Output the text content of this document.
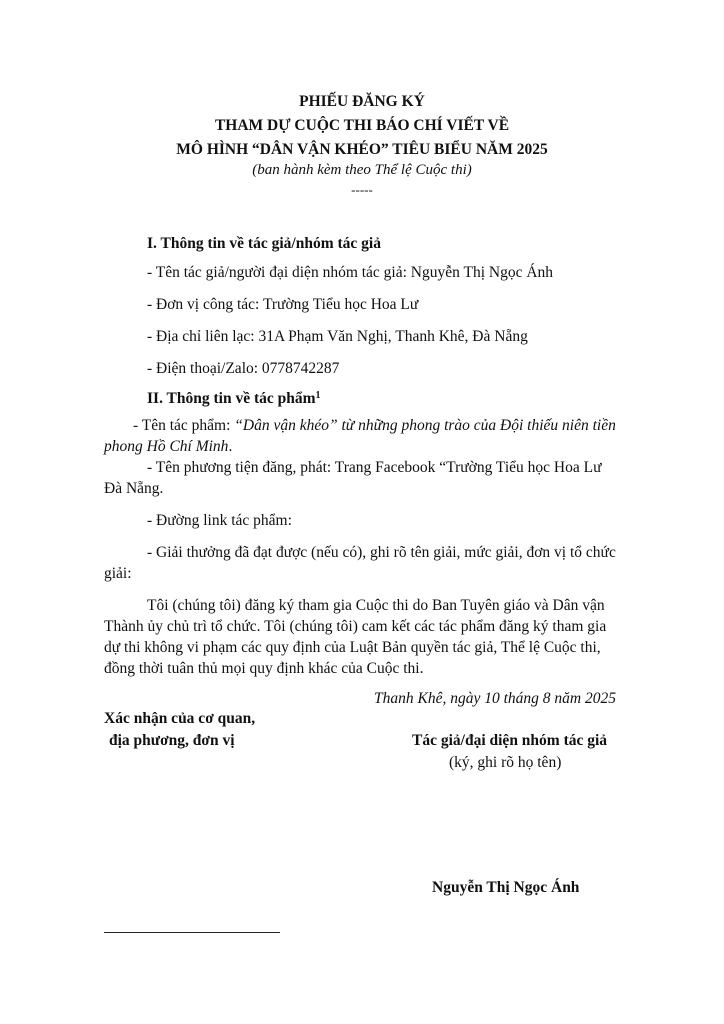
PHIẾU ĐĂNG KÝ
THAM DỰ CUỘC THI BÁO CHÍ VIẾT VỀ
MÔ HÌNH “DÂN VẬN KHÉO” TIÊU BIỂU NĂM 2025
(ban hành kèm theo Thể lệ Cuộc thi)
-----
I. Thông tin về tác giả/nhóm tác giả
- Tên tác giả/người đại diện nhóm tác giả: Nguyễn Thị Ngọc Ánh
- Đơn vị công tác: Trường Tiểu học Hoa Lư
- Địa chỉ liên lạc: 31A Phạm Văn Nghị, Thanh Khê, Đà Nẵng
- Điện thoại/Zalo: 0778742287
II. Thông tin về tác phẩm$^1$
- Tên tác phẩm: “Dân vận khéo” từ những phong trào của Đội thiếu niên tiền
phong Hồ Chí Minh.
- Tên phương tiện đăng, phát: Trang Facebook “Trường Tiểu học Hoa Lư
Đà Nẵng.
- Đường link tác phẩm:
- Giải thưởng đã đạt được (nếu có), ghi rõ tên giải, mức giải, đơn vị tổ chức
giải:
Tôi (chúng tôi) đăng ký tham gia Cuộc thi do Ban Tuyên giáo và Dân vận
Thành ủy chủ trì tổ chức. Tôi (chúng tôi) cam kết các tác phẩm đăng ký tham gia
dự thi không vi phạm các quy định của Luật Bản quyền tác giả, Thể lệ Cuộc thi,
đồng thời tuân thủ mọi quy định khác của Cuộc thi.
Thanh Khê, ngày 10 tháng 8 năm 2025
Xác nhận của cơ quan,
địa phương, đơn vị	Tác giả/đại diện nhóm tác giả
(ký, ghi rõ họ tên)
Nguyễn Thị Ngọc Ánh
